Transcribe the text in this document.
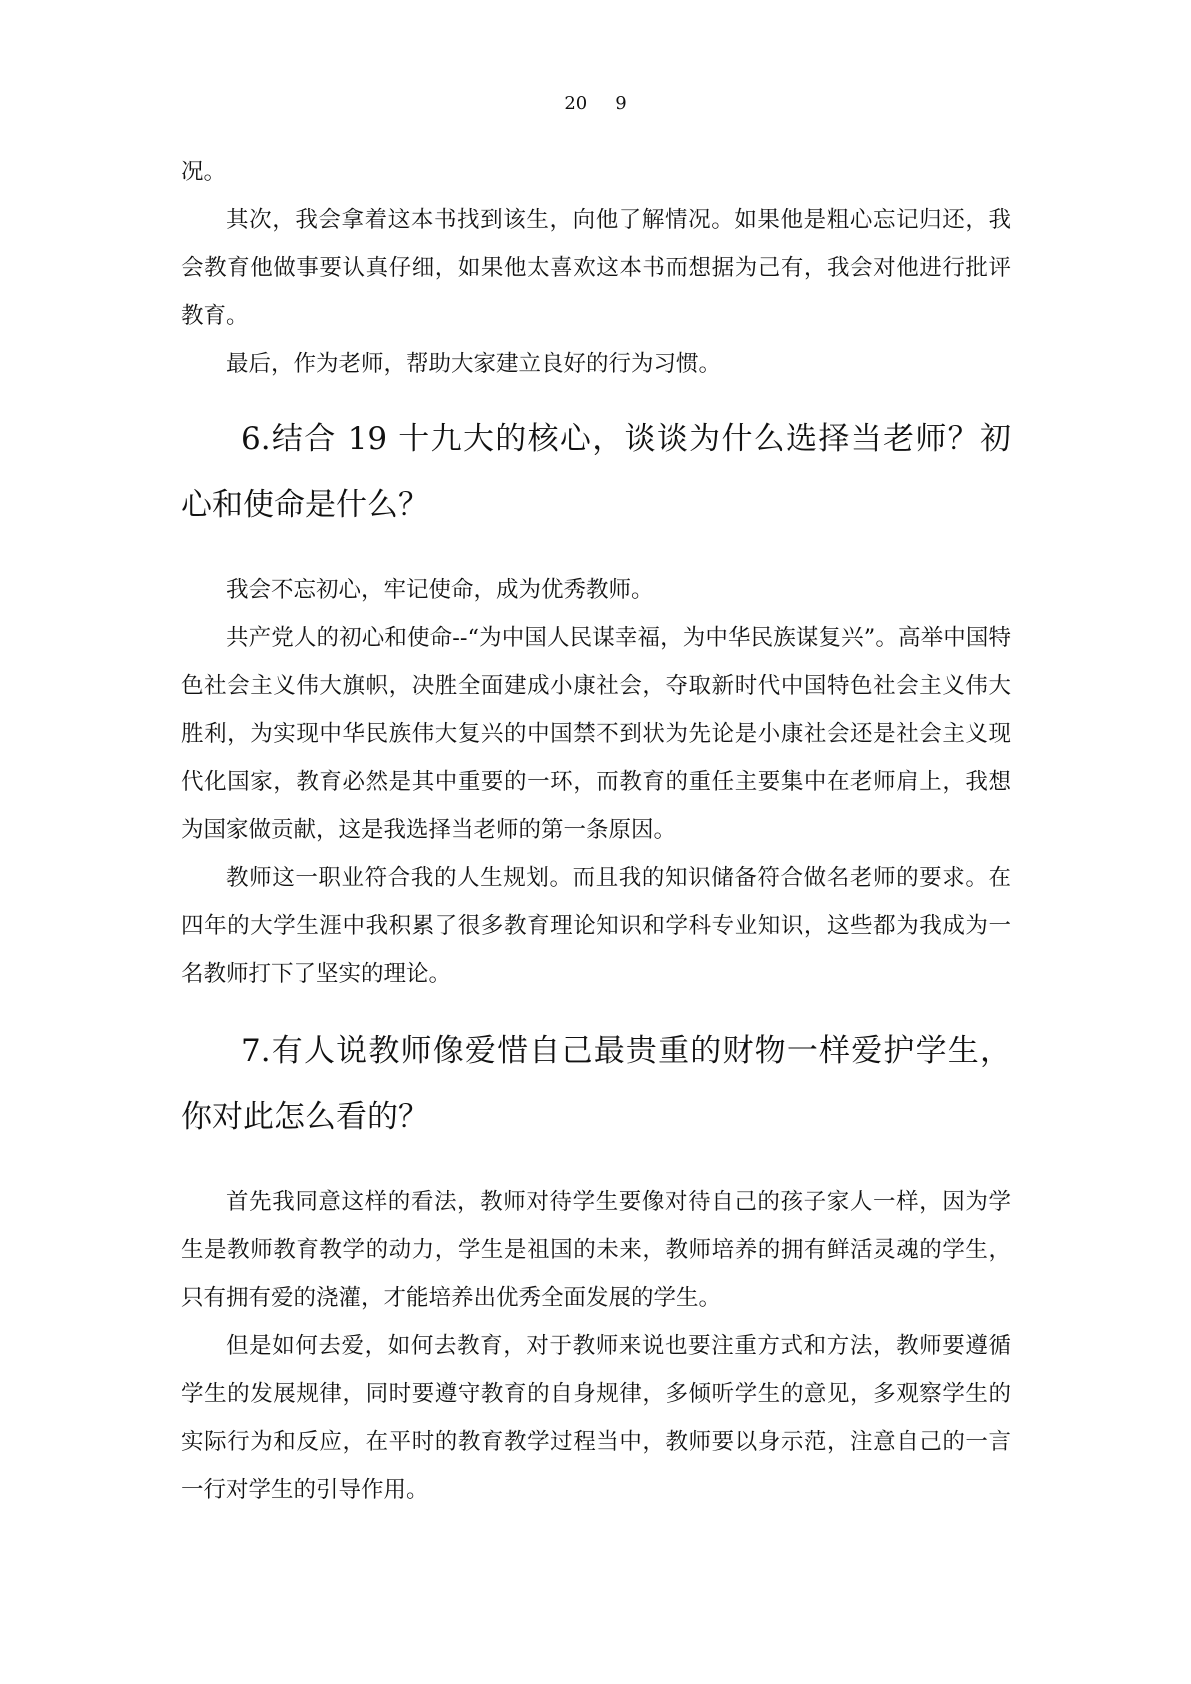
20 9

况。

其次，我会拿着这本书找到该生，向他了解情况。如果他是粗心忘记归还，我会教育他做事要认真仔细，如果他太喜欢这本书而想据为己有，我会对他进行批评教育。

最后，作为老师，帮助大家建立良好的行为习惯。

6.结合 19 十九大的核心，谈谈为什么选择当老师？初心和使命是什么？

我会不忘初心，牢记使命，成为优秀教师。

共产党人的初心和使命--“为中国人民谋幸福，为中华民族谋复兴”。高举中国特色社会主义伟大旗帜，决胜全面建成小康社会，夺取新时代中国特色社会主义伟大胜利，为实现中华民族伟大复兴的中国禁不到状为先论是小康社会还是社会主义现代化国家，教育必然是其中重要的一环，而教育的重任主要集中在老师肩上，我想为国家做贡献，这是我选择当老师的第一条原因。

教师这一职业符合我的人生规划。而且我的知识储备符合做名老师的要求。在四年的大学生涯中我积累了很多教育理论知识和学科专业知识，这些都为我成为一名教师打下了坚实的理论。

7.有人说教师像爱惜自己最贵重的财物一样爱护学生，你对此怎么看的？

首先我同意这样的看法，教师对待学生要像对待自己的孩子家人一样，因为学生是教师教育教学的动力，学生是祖国的未来，教师培养的拥有鲜活灵魂的学生，只有拥有爱的浇灌，才能培养出优秀全面发展的学生。

但是如何去爱，如何去教育，对于教师来说也要注重方式和方法，教师要遵循学生的发展规律，同时要遵守教育的自身规律，多倾听学生的意见，多观察学生的实际行为和反应，在平时的教育教学过程当中，教师要以身示范，注意自己的一言一行对学生的引导作用。
